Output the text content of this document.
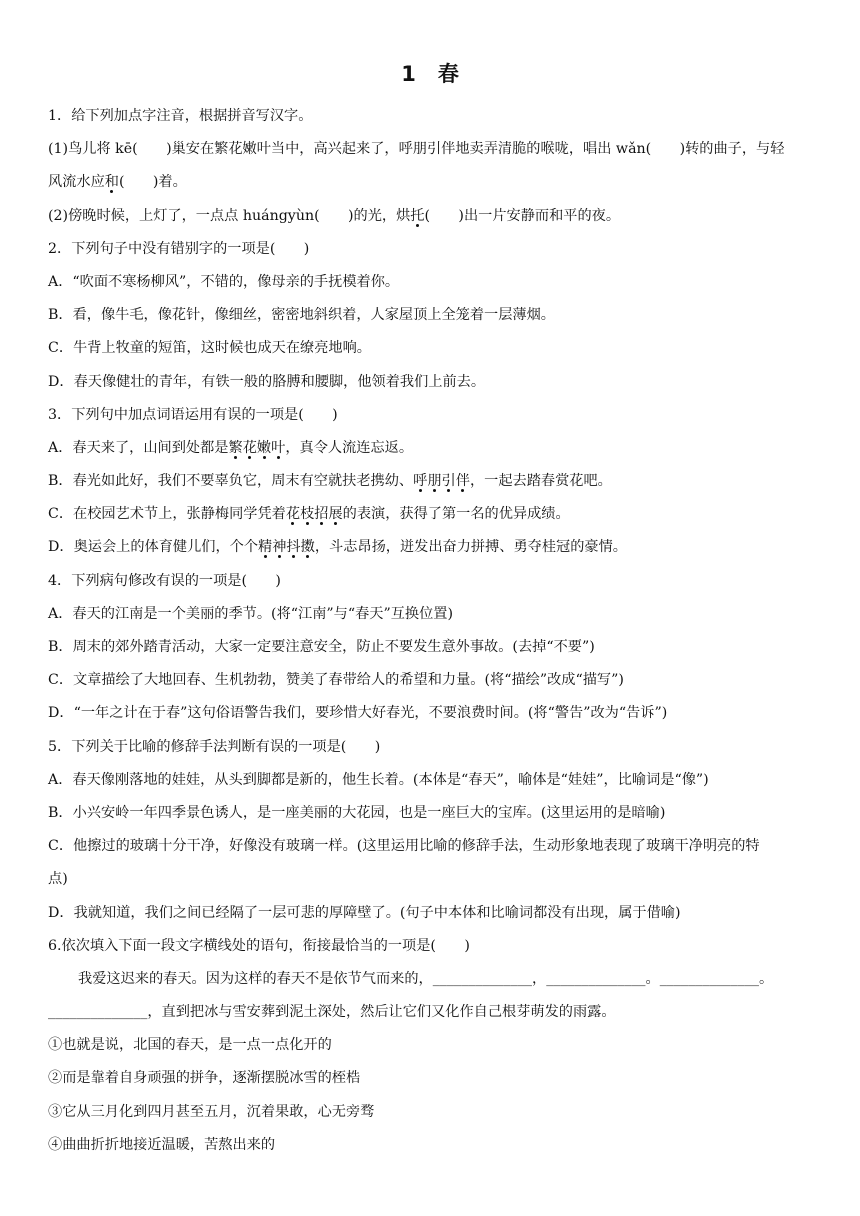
1 春
1．给下列加点字注音，根据拼音写汉字。
(1)鸟儿将 kē(　　)巢安在繁花嫩叶当中，高兴起来了，呼朋引伴地卖弄清脆的喉咙，唱出 wǎn(　　)转的曲子，与轻
风流水应和(　　)着。
(2)傍晚时候，上灯了，一点点 huángyùn(　　)的光，烘托(　　)出一片安静而和平的夜。
2．下列句子中没有错别字的一项是(　　)
A．“吹面不寒杨柳风”，不错的，像母亲的手抚模着你。
B．看，像牛毛，像花针，像细丝，密密地斜织着，人家屋顶上全笼着一层薄烟。
C．牛背上牧童的短笛，这时候也成天在缭亮地响。
D．春天像健壮的青年，有铁一般的胳膊和腰脚，他领着我们上前去。
3．下列句中加点词语运用有误的一项是(　　)
A．春天来了，山间到处都是繁花嫩叶，真令人流连忘返。
B．春光如此好，我们不要辜负它，周末有空就扶老携幼、呼朋引伴，一起去踏春赏花吧。
C．在校园艺术节上，张静梅同学凭着花枝招展的表演，获得了第一名的优异成绩。
D．奥运会上的体育健儿们，个个精神抖擞，斗志昂扬，迸发出奋力拼搏、勇夺桂冠的豪情。
4．下列病句修改有误的一项是(　　)
A．春天的江南是一个美丽的季节。(将“江南”与“春天”互换位置)
B．周末的郊外踏青活动，大家一定要注意安全，防止不要发生意外事故。(去掉“不要”)
C．文章描绘了大地回春、生机勃勃，赞美了春带给人的希望和力量。(将“描绘”改成“描写”)
D．“一年之计在于春”这句俗语警告我们，要珍惜大好春光，不要浪费时间。(将“警告”改为“告诉”)
5．下列关于比喻的修辞手法判断有误的一项是(　　)
A．春天像刚落地的娃娃，从头到脚都是新的，他生长着。(本体是“春天”，喻体是“娃娃”，比喻词是“像”)
B．小兴安岭一年四季景色诱人，是一座美丽的大花园，也是一座巨大的宝库。(这里运用的是暗喻)
C．他擦过的玻璃十分干净，好像没有玻璃一样。(这里运用比喻的修辞手法，生动形象地表现了玻璃干净明亮的特
点)
D．我就知道，我们之间已经隔了一层可悲的厚障壁了。(句子中本体和比喻词都没有出现，属于借喻)
6.依次填入下面一段文字横线处的语句，衔接最恰当的一项是(　　)
我爱这迟来的春天。因为这样的春天不是依节气而来的，______________，______________。______________。
______________，直到把冰与雪安葬到泥土深处，然后让它们又化作自己根芽萌发的雨露。
①也就是说，北国的春天，是一点一点化开的
②而是靠着自身顽强的拼争，逐渐摆脱冰雪的桎梏
③它从三月化到四月甚至五月，沉着果敢，心无旁骛
④曲曲折折地接近温暖，苦熬出来的
